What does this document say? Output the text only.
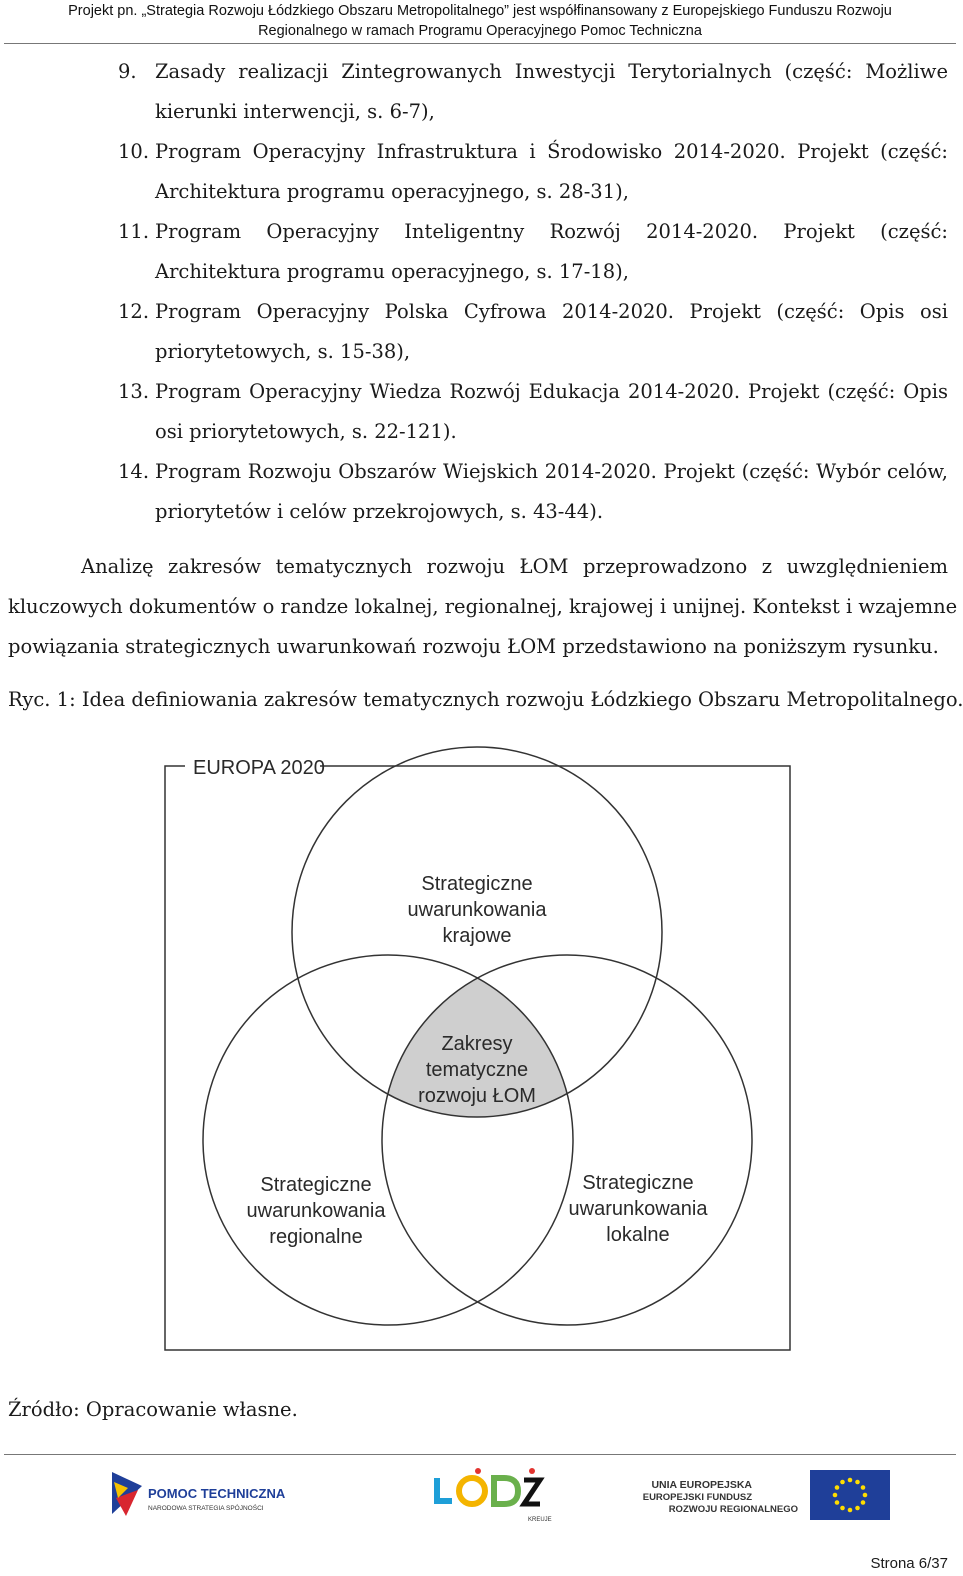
Projekt pn. „Strategia Rozwoju Łódzkiego Obszaru Metropolitalnego” jest współfinansowany z Europejskiego Funduszu Rozwoju
Regionalnego w ramach Programu Operacyjnego Pomoc Techniczna
9. Zasady realizacji Zintegrowanych Inwestycji Terytorialnych (część: Możliwe
kierunki interwencji, s. 6-7),
10. Program Operacyjny Infrastruktura i Środowisko 2014-2020. Projekt (część:
Architektura programu operacyjnego, s. 28-31),
11. Program Operacyjny Inteligentny Rozwój 2014-2020. Projekt (część:
Architektura programu operacyjnego, s. 17-18),
12. Program Operacyjny Polska Cyfrowa 2014-2020. Projekt (część: Opis osi
priorytetowych, s. 15-38),
13. Program Operacyjny Wiedza Rozwój Edukacja 2014-2020. Projekt (część: Opis
osi priorytetowych, s. 22-121).
14. Program Rozwoju Obszarów Wiejskich 2014-2020. Projekt (część: Wybór celów,
priorytetów i celów przekrojowych, s. 43-44).
Analizę zakresów tematycznych rozwoju ŁOM przeprowadzono z uwzględnieniem
kluczowych dokumentów o randze lokalnej, regionalnej, krajowej i unijnej. Kontekst i wzajemne
powiązania strategicznych uwarunkowań rozwoju ŁOM przedstawiono na poniższym rysunku.
Ryc. 1: Idea definiowania zakresów tematycznych rozwoju Łódzkiego Obszaru Metropolitalnego.
EUROPA 2020
Strategiczne
uwarunkowania
krajowe
Zakresy
tematyczne
rozwoju ŁOM
Strategiczne
uwarunkowania
regionalne
Strategiczne
uwarunkowania
lokalne
Źródło: Opracowanie własne.
POMOC TECHNICZNA
NARODOWA STRATEGIA SPÓJNOŚCI
KREUJE
UNIA EUROPEJSKA
EUROPEJSKI FUNDUSZ
ROZWOJU REGIONALNEGO
Strona 6/37
